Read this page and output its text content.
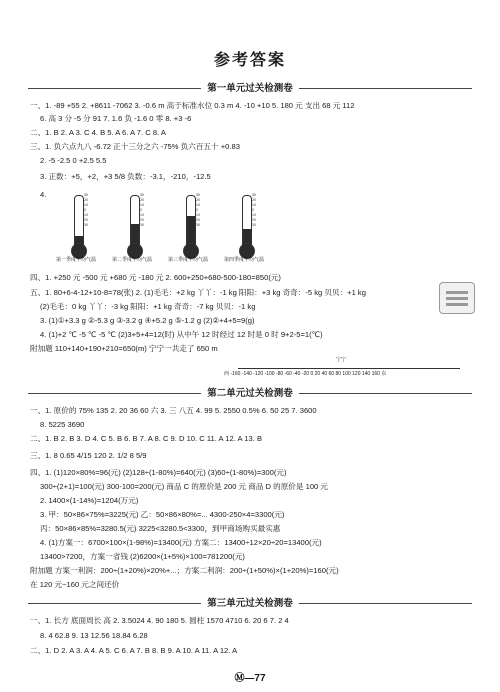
参考答案
第一单元过关检测卷
一、1. -89 +55 2. +8611 -7062 3. -0.6 m 高于标准水位 0.3 m 4. -10 +10 5. 180 元 支出 68 元 112
6. 高 3 分 -5 分 91 7. 1.6 负 -1.6 0 零 8. +3 -6
二、1. B 2. A 3. C 4. B 5. A 6. A 7. C 8. A
三、1. 负六点九八 -6.72 正十三分之六 -75% 负六百五十 +0.83
2. -5 -2.5 0 +2.5 5.5
3. 正数：+5，+2，+3 5/8 负数：-3.1，-210，-12.5
4.	30
20
10
0
10
20
30
第一季度平均气温
30
20
10
0
10
20
30
第二季度平均气温
30
20
10
0
10
20
30
第三季度平均气温
30
20
10
0
10
20
30
第四季度平均气温
四、1. +250 元 -500 元 +680 元 -180 元 2. 600+250+680-500-180=850(元)
五、1. 80+6-4-12+10-8=78(张) 2. (1)毛毛：+2 kg 丫丫：-1 kg 阳阳：+3 kg 奇奇：-5 kg 贝贝：+1 kg
(2)毛毛：0 kg 丫丫：-3 kg 阳阳：+1 kg 奇奇：-7 kg 贝贝：-1 kg
3. (1)①+3.3 g ②-5.3 g ③-3.2 g ④+5.2 g ⑤-1.2 g (2)②+4+5=9(g)
4. (1)+2 ℃ -5 ℃ -5 ℃ (2)3+5+4=12(时) 从中午 12 时经过 12 时是 0 时 9+2-5=1(℃)
附加题 110+140+190+210=650(m) 宁宁一共走了 650 m
宁宁
西 -160 -140 -120 -100 -80 -60 -40 -20 0 20 40 60 80 100 120 140 160 东
第二单元过关检测卷
一、1. 原价的 75% 135 2. 20 36 60 六 3. 三 八五 4. 99 5. 2550 0.5% 6. 50 25 7. 3600
8. 5225 3690
二、1. B 2. B 3. D 4. C 5. B 6. B 7. A 8. C 9. D 10. C 11. A 12. A 13. B
三、1. 8 0.65 4/15 120 2. 1/2 8 5/9
四、1. (1)120×80%=96(元) (2)128÷(1-80%)=640(元) (3)60÷(1-80%)=300(元)
300÷(2+1)=100(元) 300-100=200(元) 商品 C 的原价是 200 元 商品 D 的原价是 100 元
2. 1400×(1-14%)=1204(万元)
3. 甲：50×86×75%=3225(元) 乙：50×86×80%=... 4300-250×4=3300(元)
丙：50×86×85%=3280.5(元) 3225<3280.5<3300，到甲商场购买最实惠
4. (1)方案一：6700×100×(1-98%)=13400(元) 方案二：13400÷12×20÷20=13400(元)
13400>7200，方案一省钱 (2)6200×(1+5%)×100=781200(元)
附加题 方案一利润：200÷(1+20%)×20%+...；方案二利润：200÷(1+50%)×(1+20%)=160(元)
在 120 元~160 元之间还价
第三单元过关检测卷
一、1. 长方 底面周长 高 2. 3.5024 4. 90 180 5. 圆柱 1570 4710 6. 20 6 7. 2 4
8. 4 62.8 9. 13 12.56 18.84 6.28
二、1. D 2. A 3. A 4. A 5. C 6. A 7. B 8. B 9. A 10. A 11. A 12. A
Ⓜ—77
